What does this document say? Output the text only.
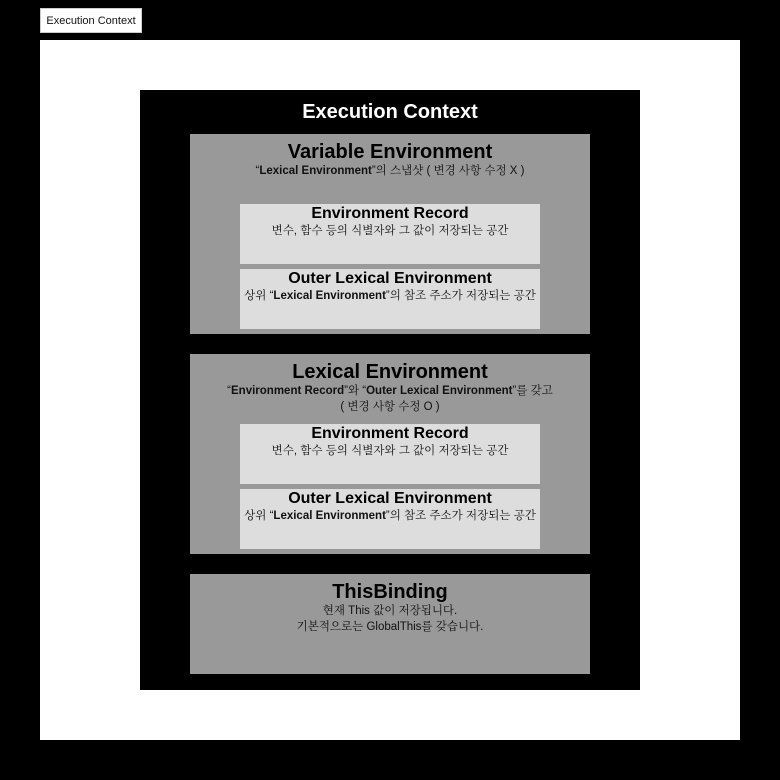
Execution Context
Execution Context
Variable Environment
“Lexical Environment”의 스냅샷 ( 변경 사항 수정 X )
Environment Record
변수, 함수 등의 식별자와 그 값이 저장되는 공간
Outer Lexical Environment
상위 “Lexical Environment”의 참조 주소가 저장되는 공간
Lexical Environment
“Environment Record”와 “Outer Lexical Environment”를 갖고
( 변경 사항 수정 O )
Environment Record
변수, 함수 등의 식별자와 그 값이 저장되는 공간
Outer Lexical Environment
상위 “Lexical Environment”의 참조 주소가 저장되는 공간
ThisBinding
현재 This 값이 저장됩니다.
기본적으로는 GlobalThis를 갖습니다.
